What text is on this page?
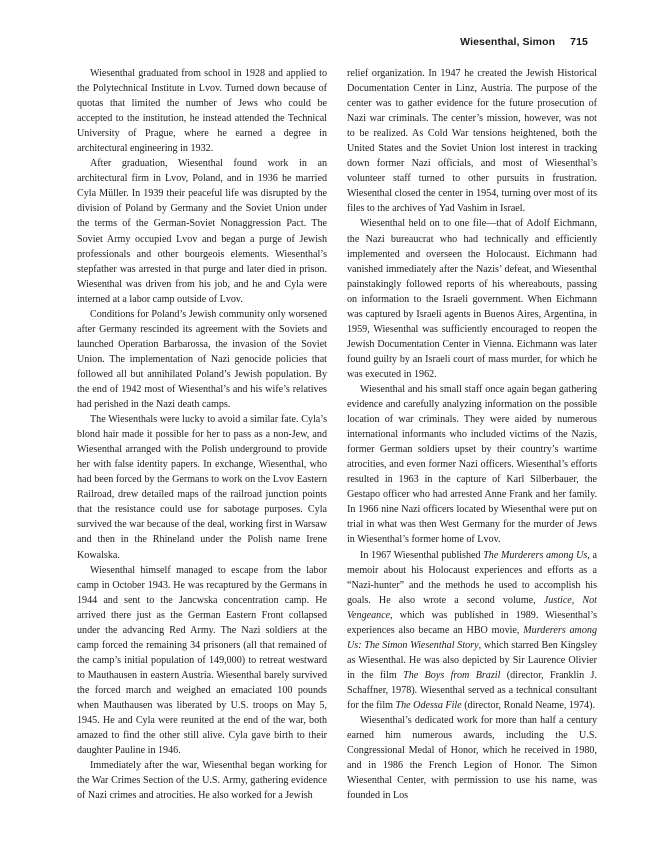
Wiesenthal, Simon 715

Wiesenthal graduated from school in 1928 and applied to the Polytechnical Institute in Lvov. Turned down because of quotas that limited the number of Jews who could be accepted to the institution, he instead attended the Technical University of Prague, where he earned a degree in architectural engineering in 1932.

After graduation, Wiesenthal found work in an architectural firm in Lvov, Poland, and in 1936 he married Cyla Müller. In 1939 their peaceful life was disrupted by the division of Poland by Germany and the Soviet Union under the terms of the German-Soviet Nonaggression Pact. The Soviet Army occupied Lvov and began a purge of Jewish professionals and other bourgeois elements. Wiesenthal’s stepfather was arrested in that purge and later died in prison. Wiesenthal was driven from his job, and he and Cyla were interned at a labor camp outside of Lvov.

Conditions for Poland’s Jewish community only worsened after Germany rescinded its agreement with the Soviets and launched Operation Barbarossa, the invasion of the Soviet Union. The implementation of Nazi genocide policies that followed all but annihilated Poland’s Jewish population. By the end of 1942 most of Wiesenthal’s and his wife’s relatives had perished in the Nazi death camps.

The Wiesenthals were lucky to avoid a similar fate. Cyla’s blond hair made it possible for her to pass as a non-Jew, and Wiesenthal arranged with the Polish underground to provide her with false identity papers. In exchange, Wiesenthal, who had been forced by the Germans to work on the Lvov Eastern Railroad, drew detailed maps of the railroad junction points that the resistance could use for sabotage purposes. Cyla survived the war because of the deal, working first in Warsaw and then in the Rhineland under the Polish name Irene Kowalska.

Wiesenthal himself managed to escape from the labor camp in October 1943. He was recaptured by the Germans in 1944 and sent to the Jancwska concentration camp. He arrived there just as the German Eastern Front collapsed under the advancing Red Army. The Nazi soldiers at the camp forced the remaining 34 prisoners (all that remained of the camp’s initial population of 149,000) to retreat westward to Mauthausen in eastern Austria. Wiesenthal barely survived the forced march and weighed an emaciated 100 pounds when Mauthausen was liberated by U.S. troops on May 5, 1945. He and Cyla were reunited at the end of the war, both amazed to find the other still alive. Cyla gave birth to their daughter Pauline in 1946.

Immediately after the war, Wiesenthal began working for the War Crimes Section of the U.S. Army, gathering evidence of Nazi crimes and atrocities. He also worked for a Jewish

relief organization. In 1947 he created the Jewish Historical Documentation Center in Linz, Austria. The purpose of the center was to gather evidence for the future prosecution of Nazi war criminals. The center’s mission, however, was not to be realized. As Cold War tensions heightened, both the United States and the Soviet Union lost interest in tracking down former Nazi officials, and most of Wiesenthal’s volunteer staff turned to other pursuits in frustration. Wiesenthal closed the center in 1954, turning over most of its files to the archives of Yad Vashim in Israel.

Wiesenthal held on to one file—that of Adolf Eichmann, the Nazi bureaucrat who had technically and efficiently implemented and overseen the Holocaust. Eichmann had vanished immediately after the Nazis’ defeat, and Wiesenthal painstakingly followed reports of his whereabouts, passing on information to the Israeli government. When Eichmann was captured by Israeli agents in Buenos Aires, Argentina, in 1959, Wiesenthal was sufficiently encouraged to reopen the Jewish Documentation Center in Vienna. Eichmann was later found guilty by an Israeli court of mass murder, for which he was executed in 1962.

Wiesenthal and his small staff once again began gathering evidence and carefully analyzing information on the possible location of war criminals. They were aided by numerous international informants who included victims of the Nazis, former German soldiers upset by their country’s wartime atrocities, and even former Nazi officers. Wiesenthal’s efforts resulted in 1963 in the capture of Karl Silberbauer, the Gestapo officer who had arrested Anne Frank and her family. In 1966 nine Nazi officers located by Wiesenthal were put on trial in what was then West Germany for the murder of Jews in Wiesenthal’s former home of Lvov.

In 1967 Wiesenthal published The Murderers among Us, a memoir about his Holocaust experiences and efforts as a “Nazi-hunter” and the methods he used to accomplish his goals. He also wrote a second volume, Justice, Not Vengeance, which was published in 1989. Wiesenthal’s experiences also became an HBO movie, Murderers among Us: The Simon Wiesenthal Story, which starred Ben Kingsley as Wiesenthal. He was also depicted by Sir Laurence Olivier in the film The Boys from Brazil (director, Franklin J. Schaffner, 1978). Wiesenthal served as a technical consultant for the film The Odessa File (director, Ronald Neame, 1974).

Wiesenthal’s dedicated work for more than half a century earned him numerous awards, including the U.S. Congressional Medal of Honor, which he received in 1980, and in 1986 the French Legion of Honor. The Simon Wiesenthal Center, with permission to use his name, was founded in Los
